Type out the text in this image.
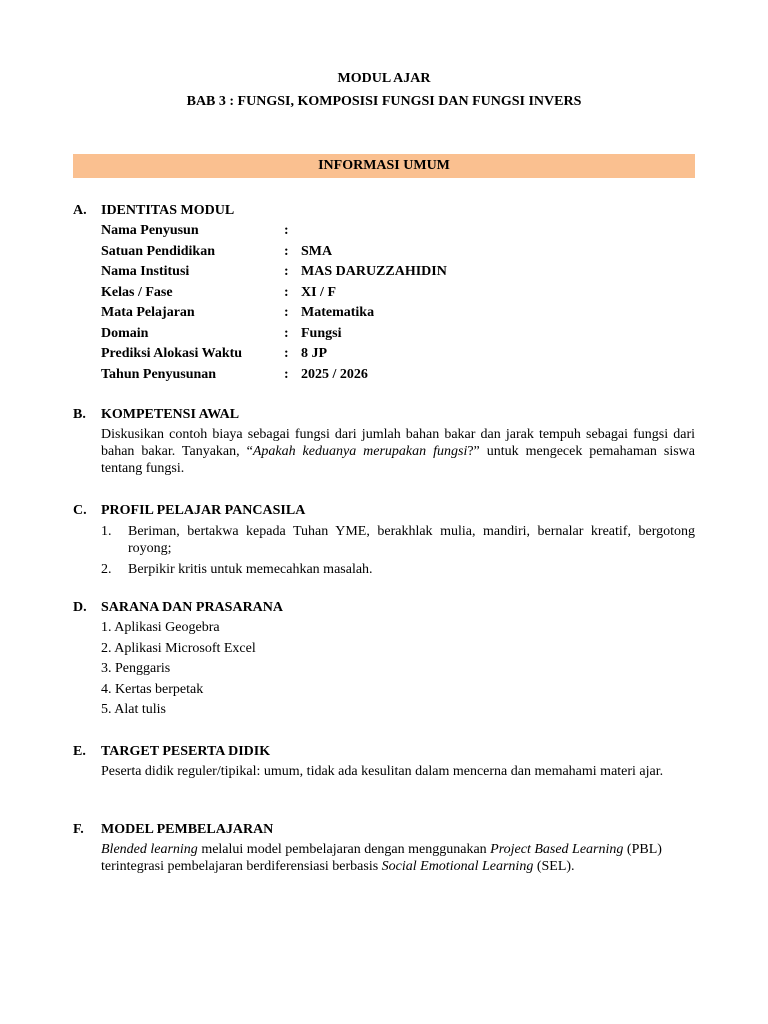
MODUL AJAR
BAB 3 : FUNGSI, KOMPOSISI FUNGSI DAN FUNGSI INVERS
INFORMASI UMUM
A. IDENTITAS MODUL
Nama Penyusun	:
Satuan Pendidikan	: SMA
Nama Institusi	: MAS DARUZZAHIDIN
Kelas / Fase	: XI / F
Mata Pelajaran	: Matematika
Domain	: Fungsi
Prediksi Alokasi Waktu	: 8 JP
Tahun Penyusunan	: 2025 / 2026
B. KOMPETENSI AWAL
Diskusikan contoh biaya sebagai fungsi dari jumlah bahan bakar dan jarak tempuh sebagai fungsi dari bahan bakar. Tanyakan, “Apakah keduanya merupakan fungsi?” untuk mengecek pemahaman siswa tentang fungsi.
C. PROFIL PELAJAR PANCASILA
1.	Beriman, bertakwa kepada Tuhan YME, berakhlak mulia, mandiri, bernalar kreatif, bergotong royong;
2.	Berpikir kritis untuk memecahkan masalah.
D. SARANA DAN PRASARANA
1. Aplikasi Geogebra
2. Aplikasi Microsoft Excel
3. Penggaris
4. Kertas berpetak
5. Alat tulis
E. TARGET PESERTA DIDIK
Peserta didik reguler/tipikal: umum, tidak ada kesulitan dalam mencerna dan memahami materi ajar.
F. MODEL PEMBELAJARAN
Blended learning melalui model pembelajaran dengan menggunakan Project Based Learning (PBL) terintegrasi pembelajaran berdiferensiasi berbasis Social Emotional Learning (SEL).
